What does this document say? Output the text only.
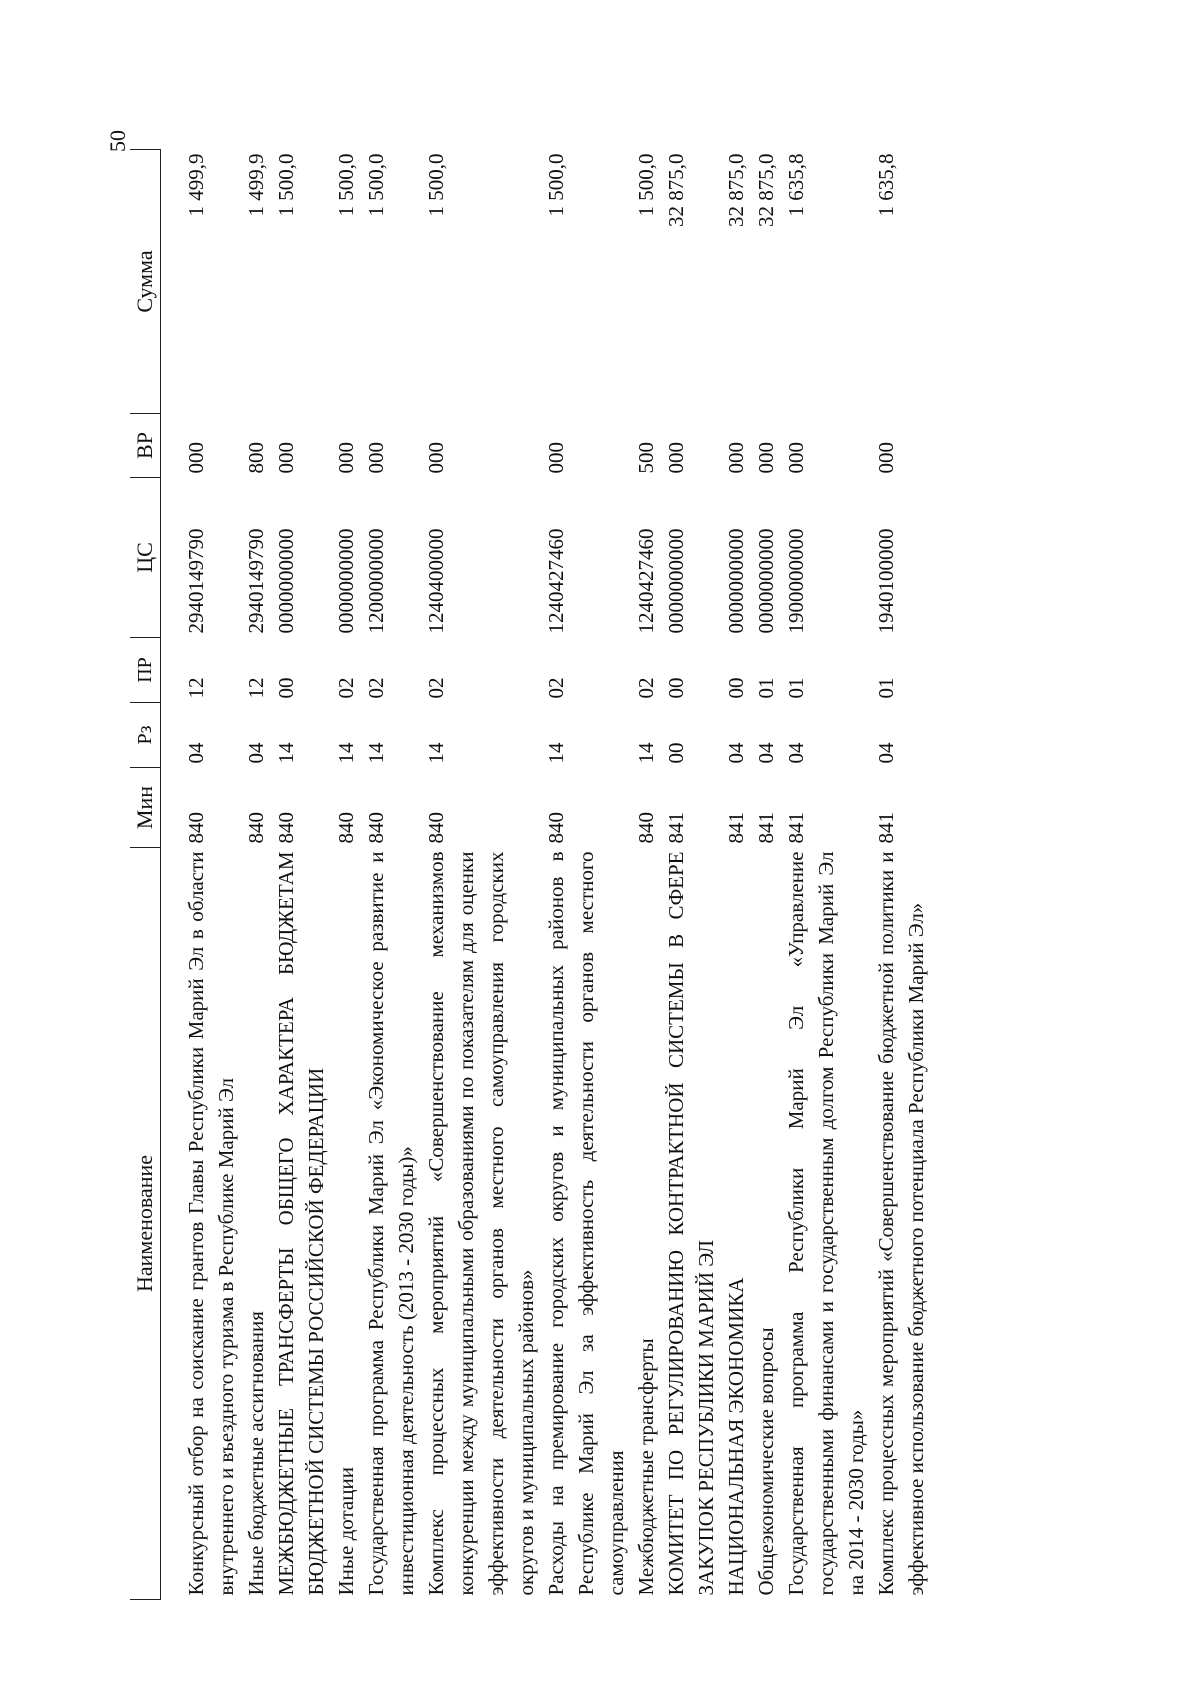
50
Наименование	Мин	Рз	ПР	ЦС	ВР	Сумма
Конкурсный отбор на соискание грантов Главы Республики Марий Эл в области внутреннего и въездного туризма в Республике Марий Эл	840	04	12	2940149790	000	1 499,9
Иные бюджетные ассигнования	840	04	12	2940149790	800	1 499,9
МЕЖБЮДЖЕТНЫЕ ТРАНСФЕРТЫ ОБЩЕГО ХАРАКТЕРА БЮДЖЕТАМ БЮДЖЕТНОЙ СИСТЕМЫ РОССИЙСКОЙ ФЕДЕРАЦИИ	840	14	00	0000000000	000	1 500,0
Иные дотации	840	14	02	0000000000	000	1 500,0
Государственная программа Республики Марий Эл «Экономическое развитие и инвестиционная деятельность (2013 - 2030 годы)»	840	14	02	1200000000	000	1 500,0
Комплекс процессных мероприятий «Совершенствование механизмов конкуренции между муниципальными образованиями по показателям для оценки эффективности деятельности органов местного самоуправления городских округов и муниципальных районов»	840	14	02	1240400000	000	1 500,0
Расходы на премирование городских округов и муниципальных районов в Республике Марий Эл за эффективность деятельности органов местного самоуправления	840	14	02	1240427460	000	1 500,0
Межбюджетные трансферты	840	14	02	1240427460	500	1 500,0
КОМИТЕТ ПО РЕГУЛИРОВАНИЮ КОНТРАКТНОЙ СИСТЕМЫ В СФЕРЕ ЗАКУПОК РЕСПУБЛИКИ МАРИЙ ЭЛ	841	00	00	0000000000	000	32 875,0
НАЦИОНАЛЬНАЯ ЭКОНОМИКА	841	04	00	0000000000	000	32 875,0
Общеэкономические вопросы	841	04	01	0000000000	000	32 875,0
Государственная программа Республики Марий Эл «Управление государственными финансами и государственным долгом Республики Марий Эл на 2014 - 2030 годы»	841	04	01	1900000000	000	1 635,8
Комплекс процессных мероприятий «Совершенствование бюджетной политики и эффективное использование бюджетного потенциала Республики Марий Эл»	841	04	01	1940100000	000	1 635,8
